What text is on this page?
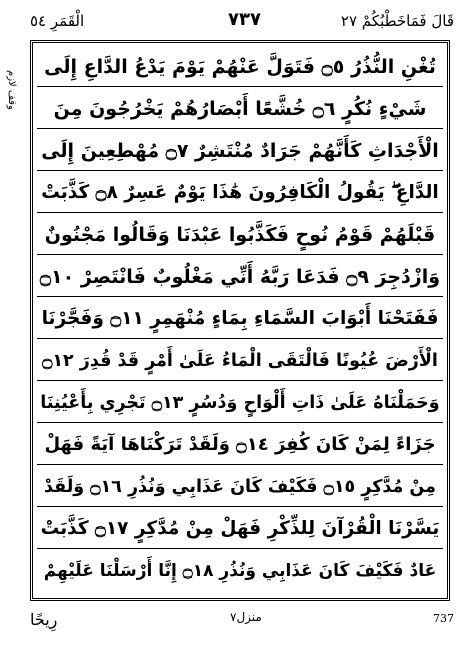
الْقَمَرِ ٥٤	٧٣٧	قَالَ فَمَاخَطْبُكُمْ ٢٧
وقف لازم
تُغْنِ النُّذُرُ ۝٥ فَتَوَلَّ عَنْهُمْ يَوْمَ يَدْعُ الدَّاعِ إِلَى
شَيْءٍ نُكُرٍ ۝٦ خُشَّعًا أَبْصَارُهُمْ يَخْرُجُونَ مِنَ
الْأَجْدَاثِ كَأَنَّهُمْ جَرَادٌ مُنْتَشِرٌ ۝٧ مُهْطِعِينَ إِلَى
الدَّاعِ ۖ يَقُولُ الْكَافِرُونَ هَٰذَا يَوْمٌ عَسِرٌ ۝٨ كَذَّبَتْ
قَبْلَهُمْ قَوْمُ نُوحٍ فَكَذَّبُوا عَبْدَنَا وَقَالُوا مَجْنُونٌ
وَازْدُجِرَ ۝٩ فَدَعَا رَبَّهُ أَنِّي مَغْلُوبٌ فَانْتَصِرْ ۝١٠
فَفَتَحْنَا أَبْوَابَ السَّمَاءِ بِمَاءٍ مُنْهَمِرٍ ۝١١ وَفَجَّرْنَا
الْأَرْضَ عُيُونًا فَالْتَقَى الْمَاءُ عَلَىٰ أَمْرٍ قَدْ قُدِرَ ۝١٢
وَحَمَلْنَاهُ عَلَىٰ ذَاتِ أَلْوَاحٍ وَدُسُرٍ ۝١٣ تَجْرِي بِأَعْيُنِنَا
جَزَاءً لِمَنْ كَانَ كُفِرَ ۝١٤ وَلَقَدْ تَرَكْنَاهَا آيَةً فَهَلْ
مِنْ مُدَّكِرٍ ۝١٥ فَكَيْفَ كَانَ عَذَابِي وَنُذُرِ ۝١٦ وَلَقَدْ
يَسَّرْنَا الْقُرْآنَ لِلذِّكْرِ فَهَلْ مِنْ مُدَّكِرٍ ۝١٧ كَذَّبَتْ
عَادٌ فَكَيْفَ كَانَ عَذَابِي وَنُذُرِ ۝١٨ إِنَّا أَرْسَلْنَا عَلَيْهِمْ
رِيحًا	منزل٧	737
